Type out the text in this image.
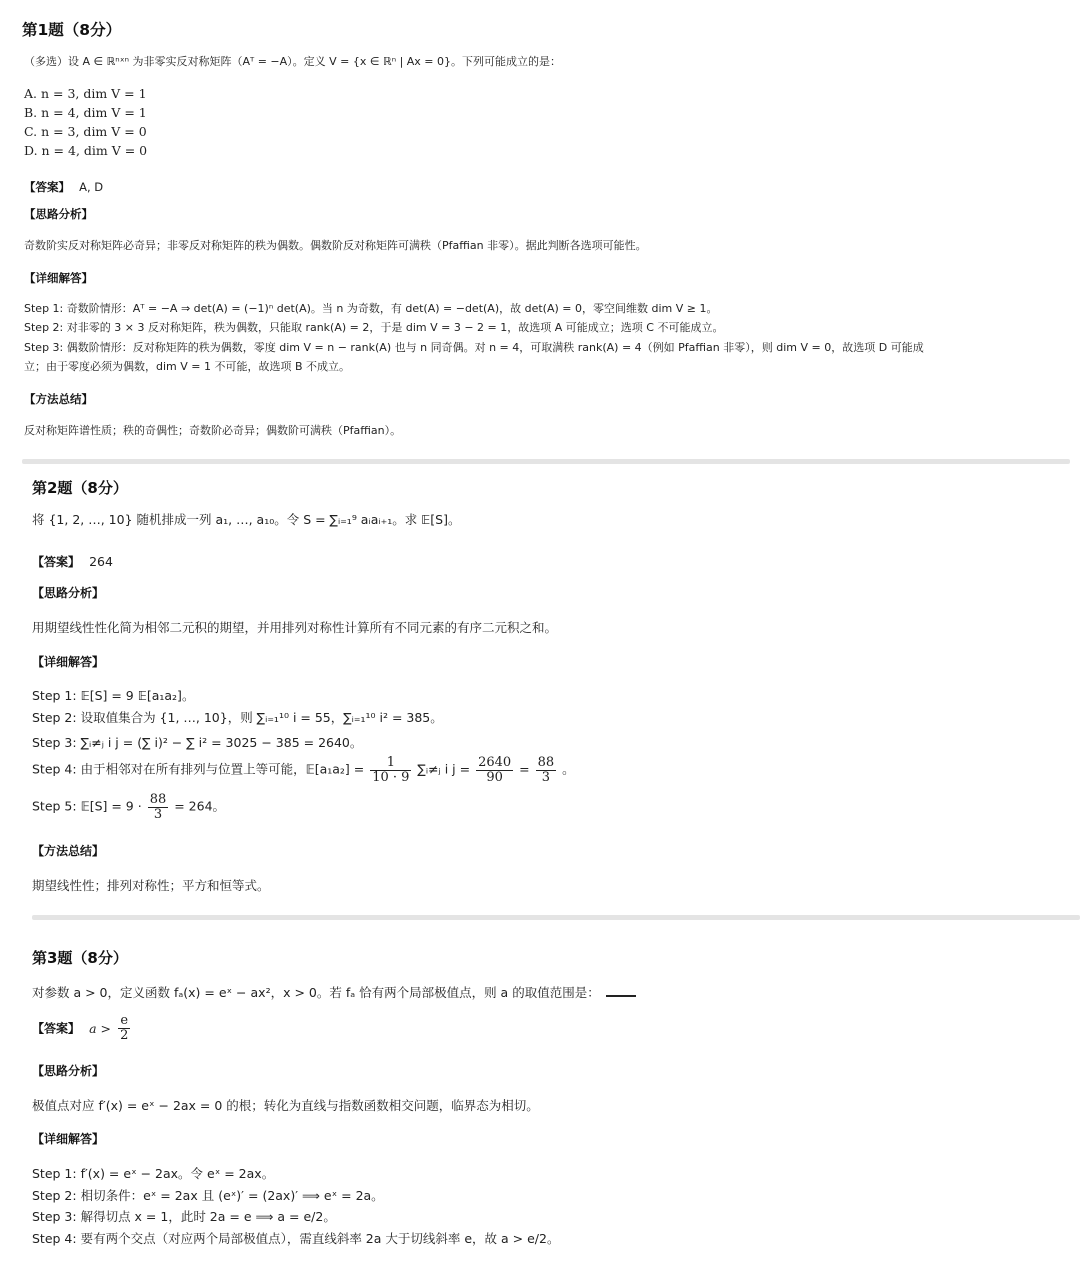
第1题（8分）
（多选）设 A ∈ ℝⁿˣⁿ 为非零实反对称矩阵（Aᵀ = −A）。定义 V = {x ∈ ℝⁿ | Ax = 0}。下列可能成立的是：
A. n = 3, dim V = 1
B. n = 4, dim V = 1
C. n = 3, dim V = 0
D. n = 4, dim V = 0
【答案】 A, D
【思路分析】
奇数阶实反对称矩阵必奇异；非零反对称矩阵的秩为偶数。偶数阶反对称矩阵可满秩（Pfaffian 非零）。据此判断各选项可能性。
【详细解答】
Step 1: 奇数阶情形：Aᵀ = −A ⇒ det(A) = (−1)ⁿ det(A)。当 n 为奇数，有 det(A) = −det(A)，故 det(A) = 0，零空间维数 dim V ≥ 1。
Step 2: 对非零的 3 × 3 反对称矩阵，秩为偶数，只能取 rank(A) = 2，于是 dim V = 3 − 2 = 1，故选项 A 可能成立；选项 C 不可能成立。
Step 3: 偶数阶情形：反对称矩阵的秩为偶数，零度 dim V = n − rank(A) 也与 n 同奇偶。对 n = 4，可取满秩 rank(A) = 4（例如 Pfaffian 非零），则 dim V = 0，故选项 D 可能成
立；由于零度必须为偶数，dim V = 1 不可能，故选项 B 不成立。
【方法总结】
反对称矩阵谱性质；秩的奇偶性；奇数阶必奇异；偶数阶可满秩（Pfaffian）。
第2题（8分）
将 {1, 2, …, 10} 随机排成一列 a₁, …, a₁₀。令 S = ∑ᵢ₌₁⁹ aᵢaᵢ₊₁。求 𝔼[S]。
【答案】 264
【思路分析】
用期望线性性化简为相邻二元积的期望，并用排列对称性计算所有不同元素的有序二元积之和。
【详细解答】
Step 1: 𝔼[S] = 9 𝔼[a₁a₂]。
Step 2: 设取值集合为 {1, …, 10}，则 ∑ᵢ₌₁¹⁰ i = 55，∑ᵢ₌₁¹⁰ i² = 385。
Step 3: ∑ᵢ≠ⱼ i j = (∑ i)² − ∑ i² = 3025 − 385 = 2640。
Step 4: 由于相邻对在所有排列与位置上等可能，𝔼[a₁a₂] = $\frac{1}{10 \cdot 9}$ ∑ᵢ≠ⱼ i $j = \frac{2640}{90} = \frac{88}{3}$ 。
Step 5: 𝔼[S] = $9 \cdot \frac{88}{3} = 264$。
【方法总结】
期望线性性；排列对称性；平方和恒等式。
第3题（8分）
对参数 a > 0，定义函数 fₐ(x) = eˣ − ax²，x > 0。若 fₐ 恰有两个局部极值点，则 a 的取值范围是：
【答案】 $a > \frac{e}{2}$
【思路分析】
极值点对应 f′(x) = eˣ − 2ax = 0 的根；转化为直线与指数函数相交问题，临界态为相切。
【详细解答】
Step 1: f′(x) = eˣ − 2ax。令 eˣ = 2ax。
Step 2: 相切条件：eˣ = 2ax 且 (eˣ)′ = (2ax)′ ⟹ eˣ = 2a。
Step 3: 解得切点 x = 1，此时 2a = e ⟹ a = e/2。
Step 4: 要有两个交点（对应两个局部极值点），需直线斜率 2a 大于切线斜率 e，故 a > e/2。
